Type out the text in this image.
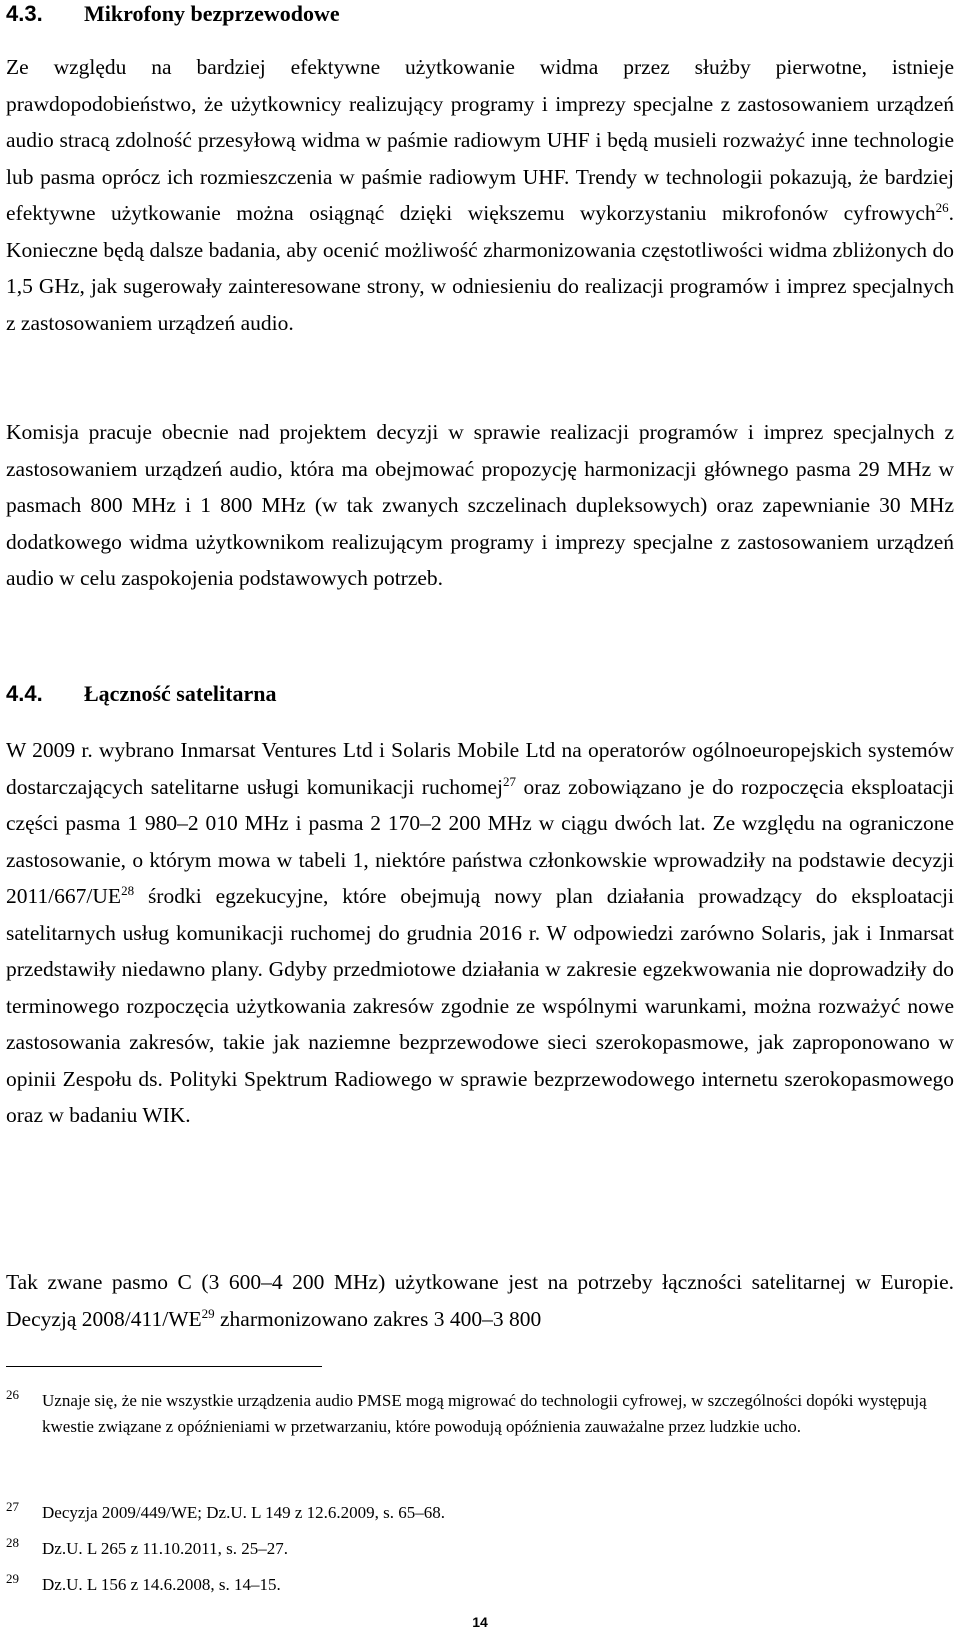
4.3. Mikrofony bezprzewodowe

Ze względu na bardziej efektywne użytkowanie widma przez służby pierwotne, istnieje prawdopodobieństwo, że użytkownicy realizujący programy i imprezy specjalne z zastosowaniem urządzeń audio stracą zdolność przesyłową widma w paśmie radiowym UHF i będą musieli rozważyć inne technologie lub pasma oprócz ich rozmieszczenia w paśmie radiowym UHF. Trendy w technologii pokazują, że bardziej efektywne użytkowanie można osiągnąć dzięki większemu wykorzystaniu mikrofonów cyfrowych$^{26}$. Konieczne będą dalsze badania, aby ocenić możliwość zharmonizowania częstotliwości widma zbliżonych do 1,5 GHz, jak sugerowały zainteresowane strony, w odniesieniu do realizacji programów i imprez specjalnych z zastosowaniem urządzeń audio.

Komisja pracuje obecnie nad projektem decyzji w sprawie realizacji programów i imprez specjalnych z zastosowaniem urządzeń audio, która ma obejmować propozycję harmonizacji głównego pasma 29 MHz w pasmach 800 MHz i 1 800 MHz (w tak zwanych szczelinach dupleksowych) oraz zapewnianie 30 MHz dodatkowego widma użytkownikom realizującym programy i imprezy specjalne z zastosowaniem urządzeń audio w celu zaspokojenia podstawowych potrzeb.

4.4. Łączność satelitarna

W 2009 r. wybrano Inmarsat Ventures Ltd i Solaris Mobile Ltd na operatorów ogólnoeuropejskich systemów dostarczających satelitarne usługi komunikacji ruchomej$^{27}$ oraz zobowiązano je do rozpoczęcia eksploatacji części pasma 1 980–2 010 MHz i pasma 2 170–2 200 MHz w ciągu dwóch lat. Ze względu na ograniczone zastosowanie, o którym mowa w tabeli 1, niektóre państwa członkowskie wprowadziły na podstawie decyzji 2011/667/UE$^{28}$ środki egzekucyjne, które obejmują nowy plan działania prowadzący do eksploatacji satelitarnych usług komunikacji ruchomej do grudnia 2016 r. W odpowiedzi zarówno Solaris, jak i Inmarsat przedstawiły niedawno plany. Gdyby przedmiotowe działania w zakresie egzekwowania nie doprowadziły do terminowego rozpoczęcia użytkowania zakresów zgodnie ze wspólnymi warunkami, można rozważyć nowe zastosowania zakresów, takie jak naziemne bezprzewodowe sieci szerokopasmowe, jak zaproponowano w opinii Zespołu ds. Polityki Spektrum Radiowego w sprawie bezprzewodowego internetu szerokopasmowego oraz w badaniu WIK.

Tak zwane pasmo C (3 600–4 200 MHz) użytkowane jest na potrzeby łączności satelitarnej w Europie. Decyzją 2008/411/WE$^{29}$ zharmonizowano zakres 3 400–3 800

26 Uznaje się, że nie wszystkie urządzenia audio PMSE mogą migrować do technologii cyfrowej, w szczególności dopóki występują kwestie związane z opóźnieniami w przetwarzaniu, które powodują opóźnienia zauważalne przez ludzkie ucho.
27 Decyzja 2009/449/WE; Dz.U. L 149 z 12.6.2009, s. 65–68.
28 Dz.U. L 265 z 11.10.2011, s. 25–27.
29 Dz.U. L 156 z 14.6.2008, s. 14–15.
14
